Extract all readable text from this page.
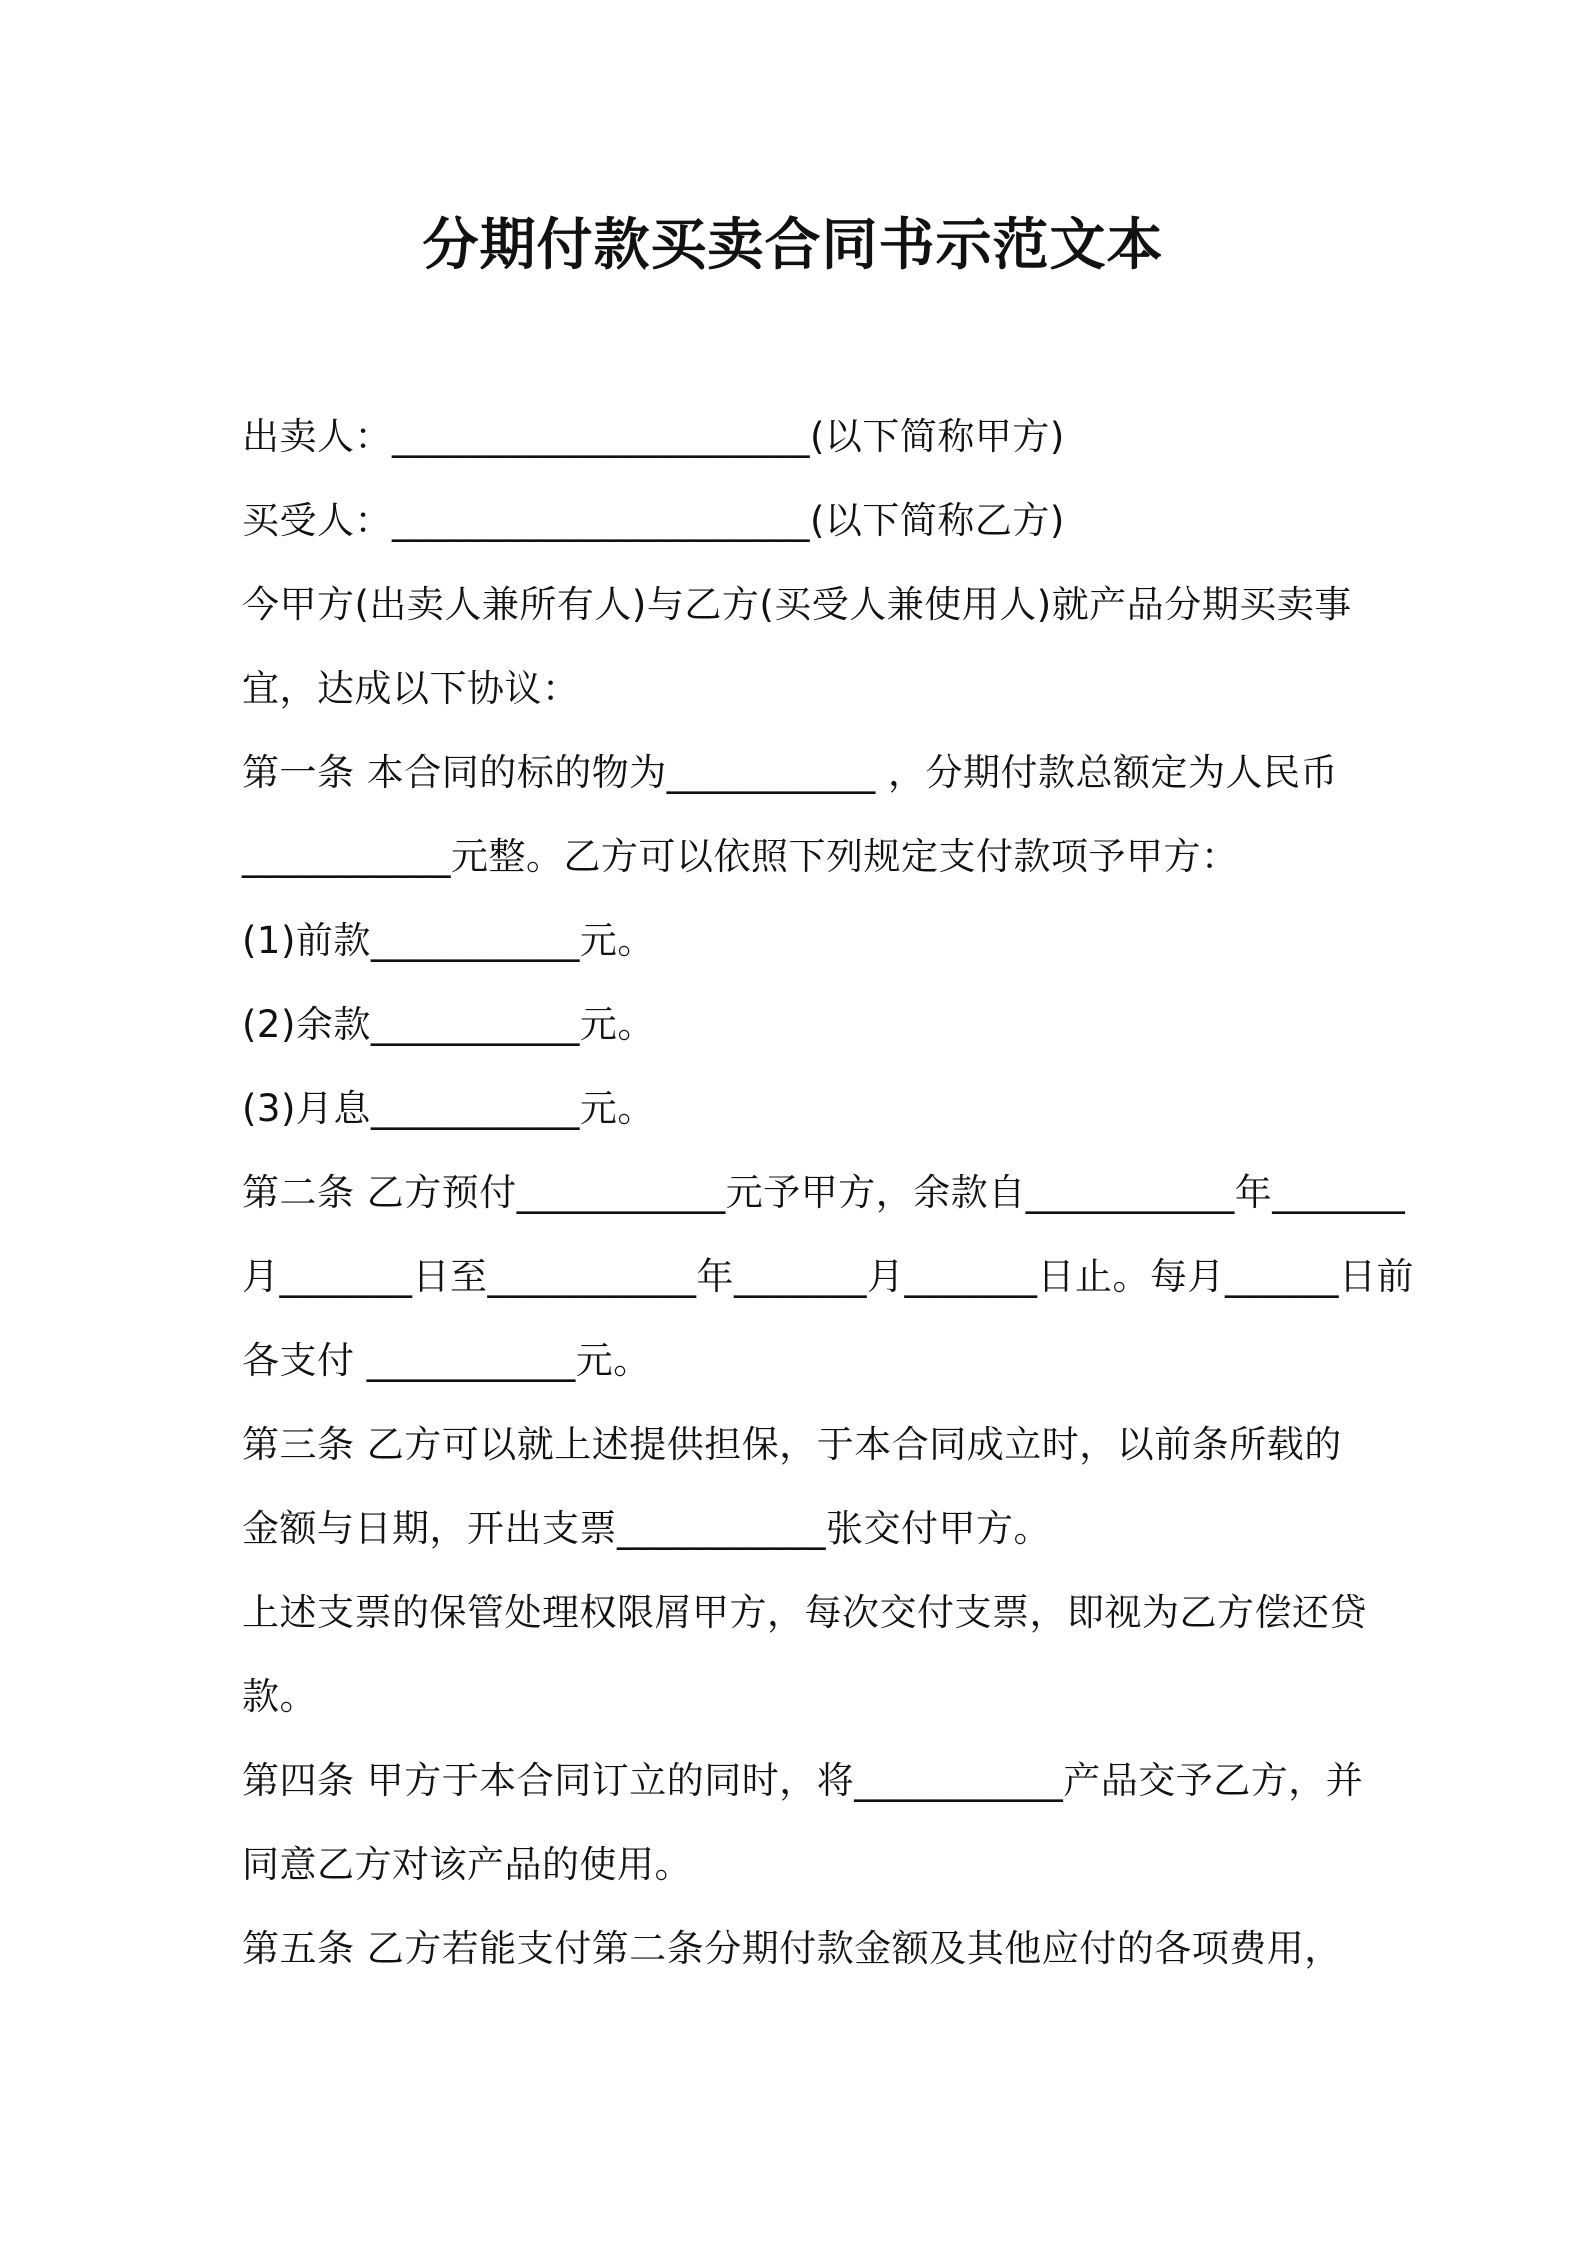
分期付款买卖合同书示范文本
出卖人：______________________(以下简称甲方)
买受人：______________________(以下简称乙方)
今甲方(出卖人兼所有人)与乙方(买受人兼使用人)就产品分期买卖事
宜，达成以下协议：
第一条 本合同的标的物为___________ ，分期付款总额定为人民币
___________元整。乙方可以依照下列规定支付款项予甲方：
(1)前款___________元。
(2)余款___________元。
(3)月息___________元。
第二条 乙方预付___________元予甲方，余款自___________年_______
月_______日至___________年_______月_______日止。每月______日前
各支付 ___________元。
第三条 乙方可以就上述提供担保，于本合同成立时，以前条所载的
金额与日期，开出支票___________张交付甲方。
上述支票的保管处理权限屑甲方，每次交付支票，即视为乙方偿还贷
款。
第四条 甲方于本合同订立的同时，将___________产品交予乙方，并
同意乙方对该产品的使用。
第五条 乙方若能支付第二条分期付款金额及其他应付的各项费用，
